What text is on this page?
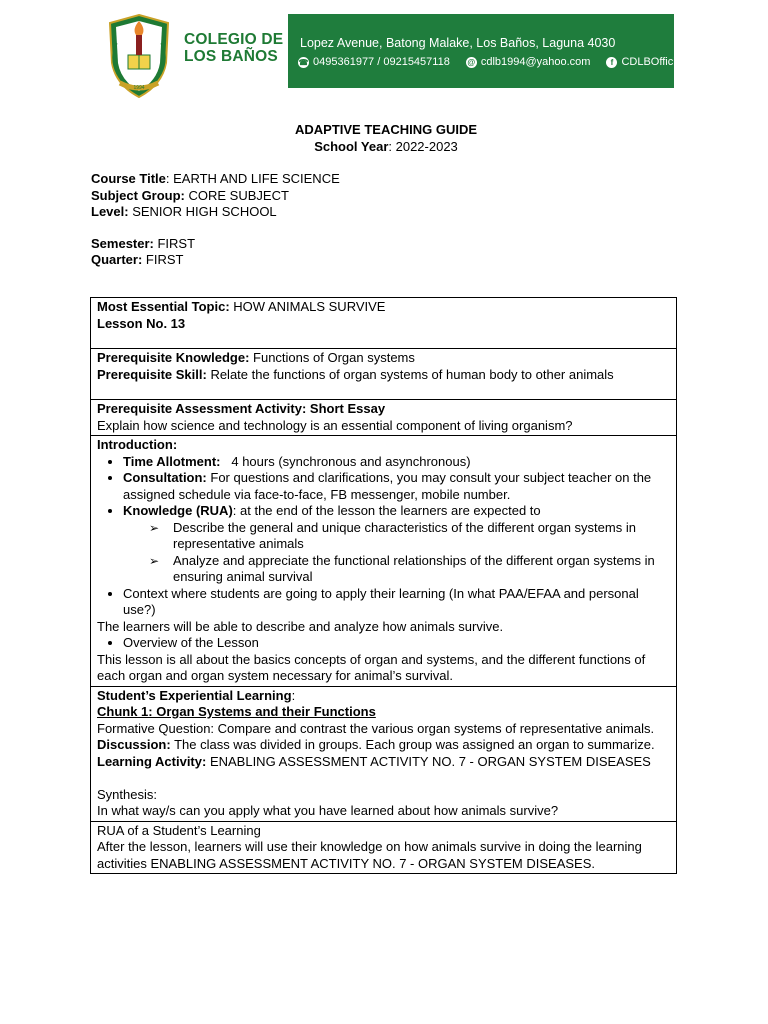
1994
COLEGIO DE
LOS BAÑOS
Lopez Avenue, Batong Malake, Los Baños, Laguna 4030
☎ 0495361977 / 09215457118 @ cdlb1994@yahoo.com	f CDLBOfficial
ADAPTIVE TEACHING GUIDE
School Year: 2022-2023

Course Title: EARTH AND LIFE SCIENCE

Subject Group: CORE SUBJECT

Level: SENIOR HIGH SCHOOL

Semester: FIRST

Quarter: FIRST

Most Essential Topic: HOW ANIMALS SURVIVE

Lesson No. 13

Prerequisite Knowledge: Functions of Organ systems

Prerequisite Skill: Relate the functions of organ systems of human body to other animals

Prerequisite Assessment Activity: Short Essay

Explain how science and technology is an essential component of living organism?

Introduction:

• Time Allotment:   4 hours (synchronous and asynchronous)
• Consultation: For questions and clarifications, you may consult your subject teacher on the assigned schedule via face-to-face, FB messenger, mobile number.
• Knowledge (RUA): at the end of the lesson the learners are expected to
➢ Describe the general and unique characteristics of the different organ systems in representative animals
➢ Analyze and appreciate the functional relationships of the different organ systems in ensuring animal survival
• Context where students are going to apply their learning (In what PAA/EFAA and personal use?)

The learners will be able to describe and analyze how animals survive.

• Overview of the Lesson

This lesson is all about the basics concepts of organ and systems, and the different functions of each organ and organ system necessary for animal’s survival.

Student’s Experiential Learning:

Chunk 1: Organ Systems and their Functions

Formative Question: Compare and contrast the various organ systems of representative animals.

Discussion: The class was divided in groups. Each group was assigned an organ to summarize.

Learning Activity: ENABLING ASSESSMENT ACTIVITY NO. 7 - ORGAN SYSTEM DISEASES

Synthesis:

In what way/s can you apply what you have learned about how animals survive?

RUA of a Student’s Learning

After the lesson, learners will use their knowledge on how animals survive in doing the learning activities ENABLING ASSESSMENT ACTIVITY NO. 7 - ORGAN SYSTEM DISEASES.
